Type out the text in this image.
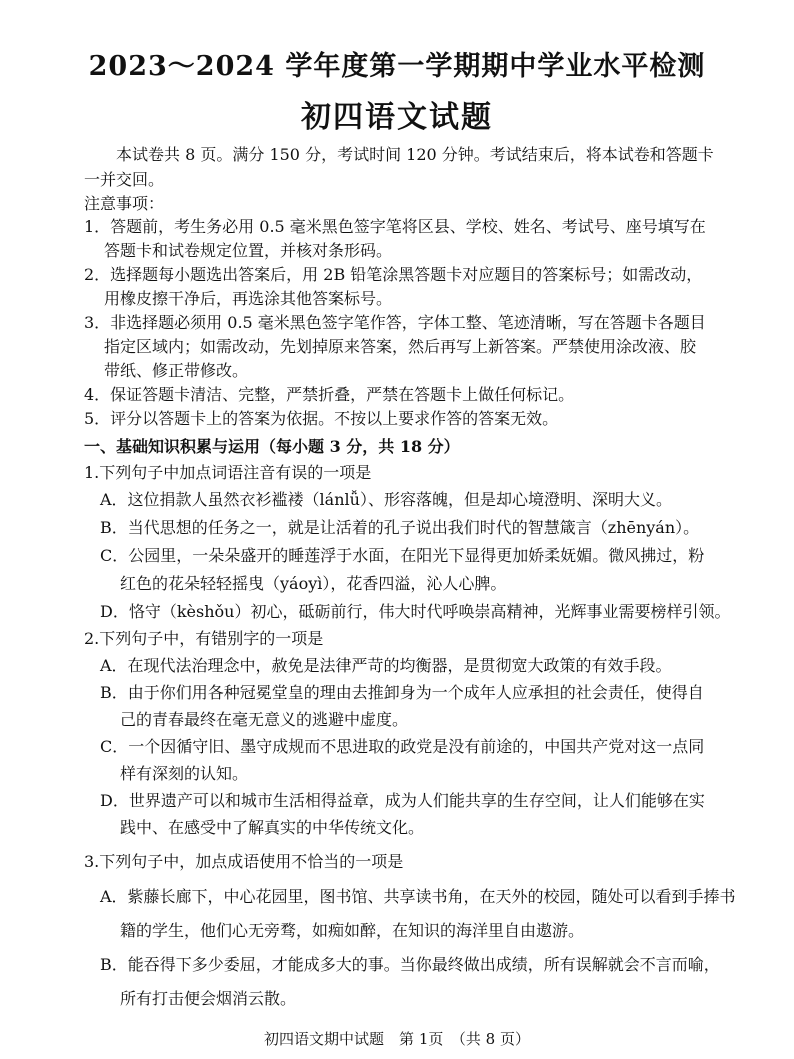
2023～2024 学年度第一学期期中学业水平检测
初四语文试题
本试卷共 8 页。满分 150 分，考试时间 120 分钟。考试结束后，将本试卷和答题卡
一并交回。
注意事项：
1．答题前，考生务必用 0.5 毫米黑色签字笔将区县、学校、姓名、考试号、座号填写在
答题卡和试卷规定位置，并核对条形码。
2．选择题每小题选出答案后，用 2B 铅笔涂黑答题卡对应题目的答案标号；如需改动，
用橡皮擦干净后，再选涂其他答案标号。
3．非选择题必须用 0.5 毫米黑色签字笔作答，字体工整、笔迹清晰，写在答题卡各题目
指定区域内；如需改动，先划掉原来答案，然后再写上新答案。严禁使用涂改液、胶
带纸、修正带修改。
4．保证答题卡清洁、完整，严禁折叠，严禁在答题卡上做任何标记。
5．评分以答题卡上的答案为依据。不按以上要求作答的答案无效。
一、基础知识积累与运用（每小题 3 分，共 18 分）
1.下列句子中加点词语注音有误的一项是
A．这位捐款人虽然衣衫褴褛（lánlǚ）、形容落魄，但是却心境澄明、深明大义。
B．当代思想的任务之一，就是让活着的孔子说出我们时代的智慧箴言（zhēnyán）。
C．公园里，一朵朵盛开的睡莲浮于水面，在阳光下显得更加娇柔妩媚。微风拂过，粉
红色的花朵轻轻摇曳（yáoyì），花香四溢，沁人心脾。
D．恪守（kèshǒu）初心，砥砺前行，伟大时代呼唤崇高精神，光辉事业需要榜样引领。
2.下列句子中，有错别字的一项是
A．在现代法治理念中，赦免是法律严苛的均衡器，是贯彻宽大政策的有效手段。
B．由于你们用各种冠冕堂皇的理由去推卸身为一个成年人应承担的社会责任，使得自
己的青春最终在毫无意义的逃避中虚度。
C．一个因循守旧、墨守成规而不思进取的政党是没有前途的，中国共产党对这一点同
样有深刻的认知。
D．世界遗产可以和城市生活相得益章，成为人们能共享的生存空间，让人们能够在实
践中、在感受中了解真实的中华传统文化。
3.下列句子中，加点成语使用不恰当的一项是
A．紫藤长廊下，中心花园里，图书馆、共享读书角，在天外的校园，随处可以看到手捧书
籍的学生，他们心无旁骛，如痴如醉，在知识的海洋里自由遨游。
B．能吞得下多少委屈，才能成多大的事。当你最终做出成绩，所有误解就会不言而喻，
所有打击便会烟消云散。
初四语文期中试题　第 1页　（共 8 页）
